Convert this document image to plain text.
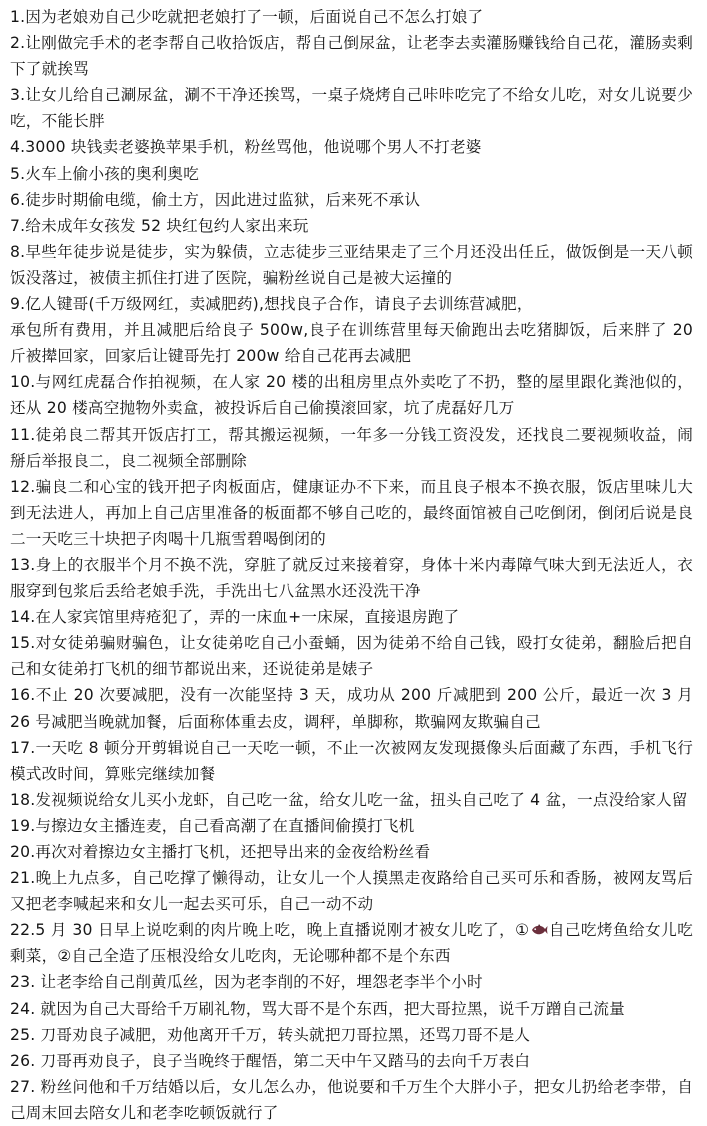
1.因为老娘劝自己少吃就把老娘打了一顿，后面说自己不怎么打娘了
2.让刚做完手术的老李帮自己收拾饭店，帮自己倒尿盆，让老李去卖灌肠赚钱给自己花，灌肠卖剩下了就挨骂
3.让女儿给自己涮尿盆，涮不干净还挨骂，一桌子烧烤自己咔咔吃完了不给女儿吃，对女儿说要少吃，不能长胖
4.3000 块钱卖老婆换苹果手机，粉丝骂他，他说哪个男人不打老婆
5.火车上偷小孩的奥利奥吃
6.徒步时期偷电缆，偷土方，因此进过监狱，后来死不承认
7.给未成年女孩发 52 块红包约人家出来玩
8.早些年徒步说是徒步，实为躲债，立志徒步三亚结果走了三个月还没出任丘，做饭倒是一天八顿饭没落过，被债主抓住打进了医院，骗粉丝说自己是被大运撞的
9.亿人键哥(千万级网红，卖减肥药),想找良子合作，请良子去训练营减肥，
承包所有费用，并且减肥后给良子 500w,良子在训练营里每天偷跑出去吃猪脚饭，后来胖了 20 斤被撵回家，回家后让键哥先打 200w 给自己花再去减肥
10.与网红虎磊合作拍视频，在人家 20 楼的出租房里点外卖吃了不扔，整的屋里跟化粪池似的，还从 20 楼高空抛物外卖盒，被投诉后自己偷摸滚回家，坑了虎磊好几万
11.徒弟良二帮其开饭店打工，帮其搬运视频，一年多一分钱工资没发，还找良二要视频收益，闹掰后举报良二，良二视频全部删除
12.骗良二和心宝的钱开把子肉板面店，健康证办不下来，而且良子根本不换衣服，饭店里味儿大到无法进人，再加上自己店里准备的板面都不够自己吃的，最终面馆被自己吃倒闭，倒闭后说是良二一天吃三十块把子肉喝十几瓶雪碧喝倒闭的
13.身上的衣服半个月不换不洗，穿脏了就反过来接着穿，身体十米内毒障气味大到无法近人，衣服穿到包浆后丢给老娘手洗，手洗出七八盆黑水还没洗干净
14.在人家宾馆里痔疮犯了，弄的一床血+一床屎，直接退房跑了
15.对女徒弟骗财骗色，让女徒弟吃自己小蚕蛹，因为徒弟不给自己钱，殴打女徒弟，翻脸后把自己和女徒弟打飞机的细节都说出来，还说徒弟是婊子
16.不止 20 次要减肥，没有一次能坚持 3 天，成功从 200 斤减肥到 200 公斤，最近一次 3 月 26 号减肥当晚就加餐，后面称体重去皮，调秤，单脚称，欺骗网友欺骗自己
17.一天吃 8 顿分开剪辑说自己一天吃一顿，不止一次被网友发现摄像头后面藏了东西，手机飞行模式改时间，算账完继续加餐
18.发视频说给女儿买小龙虾，自己吃一盆，给女儿吃一盆，扭头自己吃了 4 盆，一点没给家人留
19.与擦边女主播连麦，自己看高潮了在直播间偷摸打飞机
20.再次对着擦边女主播打飞机，还把导出来的金夜给粉丝看
21.晚上九点多，自己吃撑了懒得动，让女儿一个人摸黑走夜路给自己买可乐和香肠，被网友骂后又把老李喊起来和女儿一起去买可乐，自己一动不动
22.5 月 30 日早上说吃剩的肉片晚上吃，晚上直播说刚才被女儿吃了，① 自己吃烤鱼给女儿吃剩菜，②自己全造了压根没给女儿吃肉，无论哪种都不是个东西
23. 让老李给自己削黄瓜丝，因为老李削的不好，埋怨老李半个小时
24. 就因为自己大哥给千万刷礼物，骂大哥不是个东西，把大哥拉黑，说千万蹭自己流量
25. 刀哥劝良子减肥，劝他离开千万，转头就把刀哥拉黑，还骂刀哥不是人
26. 刀哥再劝良子，良子当晚终于醒悟，第二天中午又踏马的去向千万表白
27. 粉丝问他和千万结婚以后，女儿怎么办，他说要和千万生个大胖小子，把女儿扔给老李带，自己周末回去陪女儿和老李吃顿饭就行了
